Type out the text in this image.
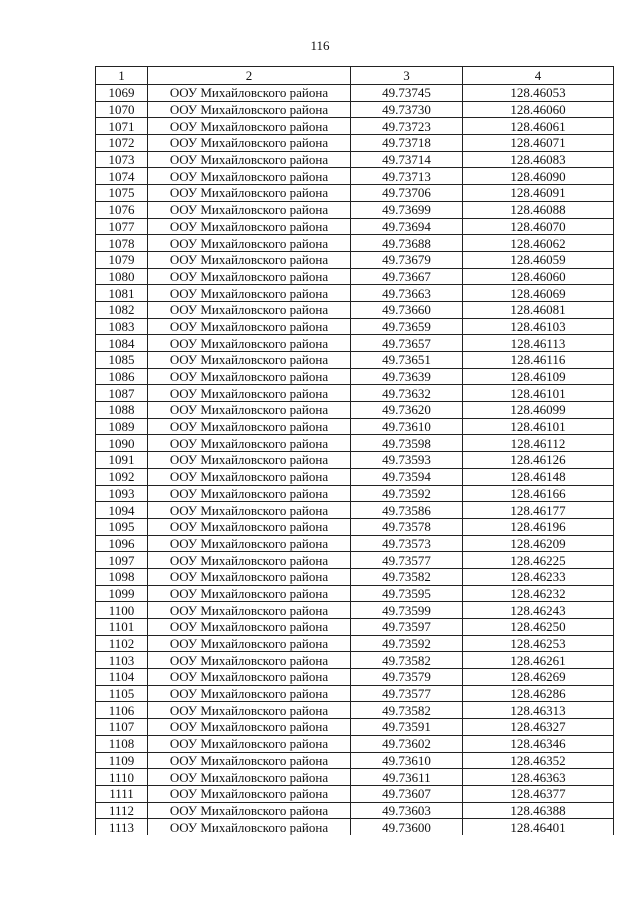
116
1	2	3	4
1069	ООУ Михайловского района	49.73745	128.46053
1070	ООУ Михайловского района	49.73730	128.46060
1071	ООУ Михайловского района	49.73723	128.46061
1072	ООУ Михайловского района	49.73718	128.46071
1073	ООУ Михайловского района	49.73714	128.46083
1074	ООУ Михайловского района	49.73713	128.46090
1075	ООУ Михайловского района	49.73706	128.46091
1076	ООУ Михайловского района	49.73699	128.46088
1077	ООУ Михайловского района	49.73694	128.46070
1078	ООУ Михайловского района	49.73688	128.46062
1079	ООУ Михайловского района	49.73679	128.46059
1080	ООУ Михайловского района	49.73667	128.46060
1081	ООУ Михайловского района	49.73663	128.46069
1082	ООУ Михайловского района	49.73660	128.46081
1083	ООУ Михайловского района	49.73659	128.46103
1084	ООУ Михайловского района	49.73657	128.46113
1085	ООУ Михайловского района	49.73651	128.46116
1086	ООУ Михайловского района	49.73639	128.46109
1087	ООУ Михайловского района	49.73632	128.46101
1088	ООУ Михайловского района	49.73620	128.46099
1089	ООУ Михайловского района	49.73610	128.46101
1090	ООУ Михайловского района	49.73598	128.46112
1091	ООУ Михайловского района	49.73593	128.46126
1092	ООУ Михайловского района	49.73594	128.46148
1093	ООУ Михайловского района	49.73592	128.46166
1094	ООУ Михайловского района	49.73586	128.46177
1095	ООУ Михайловского района	49.73578	128.46196
1096	ООУ Михайловского района	49.73573	128.46209
1097	ООУ Михайловского района	49.73577	128.46225
1098	ООУ Михайловского района	49.73582	128.46233
1099	ООУ Михайловского района	49.73595	128.46232
1100	ООУ Михайловского района	49.73599	128.46243
1101	ООУ Михайловского района	49.73597	128.46250
1102	ООУ Михайловского района	49.73592	128.46253
1103	ООУ Михайловского района	49.73582	128.46261
1104	ООУ Михайловского района	49.73579	128.46269
1105	ООУ Михайловского района	49.73577	128.46286
1106	ООУ Михайловского района	49.73582	128.46313
1107	ООУ Михайловского района	49.73591	128.46327
1108	ООУ Михайловского района	49.73602	128.46346
1109	ООУ Михайловского района	49.73610	128.46352
1110	ООУ Михайловского района	49.73611	128.46363
1111	ООУ Михайловского района	49.73607	128.46377
1112	ООУ Михайловского района	49.73603	128.46388
1113	ООУ Михайловского района	49.73600	128.46401
